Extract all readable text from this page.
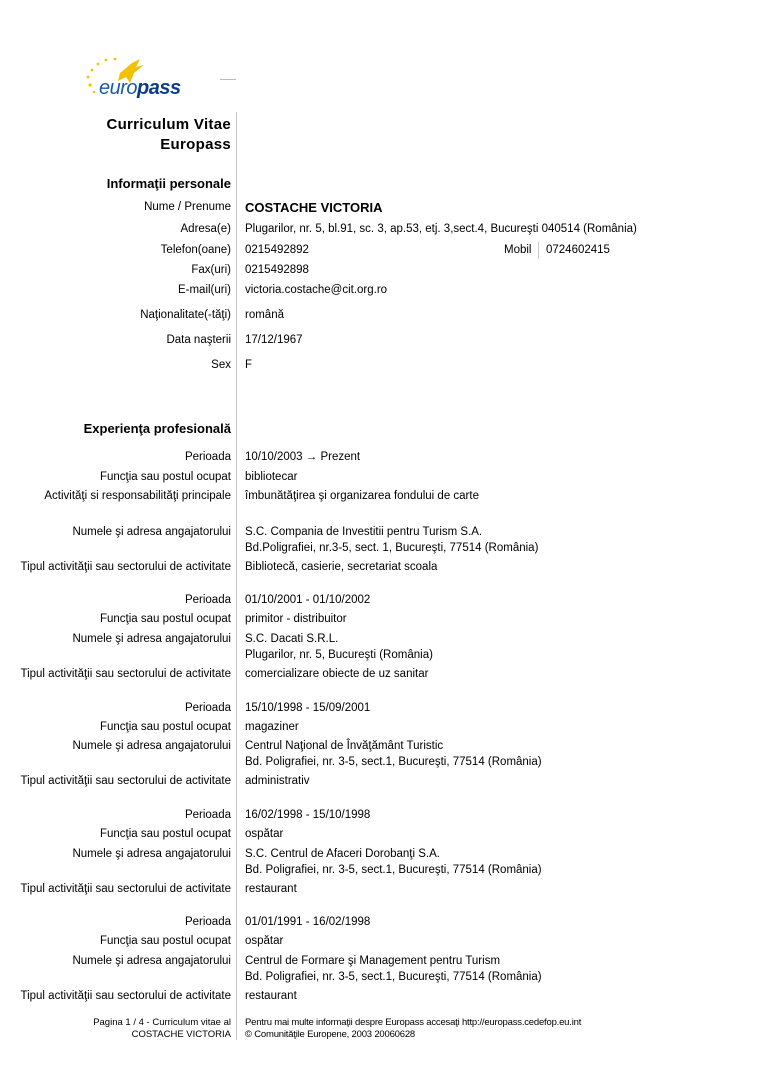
europass
Curriculum Vitae
Europass
Informaţii personale
Nume / Prenume COSTACHE VICTORIA
Adresa(e) Plugarilor, nr. 5, bl.91, sc. 3, ap.53, etj. 3,sect.4, Bucureşti 040514 (România)
Telefon(oane) 0215492892	Mobil 0724602415
Fax(uri) 0215492898
E-mail(uri) victoria.costache@cit.org.ro
Naţionalitate(-tăţi) română
Data naşterii 17/12/1967
Sex F
Experienţa profesională
Perioada 10/10/2003 → Prezent
Funcţia sau postul ocupat bibliotecar
Activităţi si responsabilităţi principale îmbunătăţirea şi organizarea fondului de carte
Numele şi adresa angajatorului S.C. Compania de Investitii pentru Turism S.A.
Bd.Poligrafiei, nr.3-5, sect. 1, Bucureşti, 77514 (România)
Tipul activităţii sau sectorului de activitate Bibliotecă, casierie, secretariat scoala
Perioada 01/10/2001 - 01/10/2002
Funcţia sau postul ocupat primitor - distribuitor
Numele şi adresa angajatorului S.C. Dacati S.R.L.
Plugarilor, nr. 5, Bucureşti (România)
Tipul activităţii sau sectorului de activitate comercializare obiecte de uz sanitar
Perioada 15/10/1998 - 15/09/2001
Funcţia sau postul ocupat magaziner
Numele şi adresa angajatorului Centrul Naţional de Învăţământ Turistic
Bd. Poligrafiei, nr. 3-5, sect.1, Bucureşti, 77514 (România)
Tipul activităţii sau sectorului de activitate administrativ
Perioada 16/02/1998 - 15/10/1998
Funcţia sau postul ocupat ospătar
Numele şi adresa angajatorului S.C. Centrul de Afaceri Dorobanţi S.A.
Bd. Poligrafiei, nr. 3-5, sect.1, Bucureşti, 77514 (România)
Tipul activităţii sau sectorului de activitate restaurant
Perioada 01/01/1991 - 16/02/1998
Funcţia sau postul ocupat ospătar
Numele şi adresa angajatorului Centrul de Formare şi Management pentru Turism
Bd. Poligrafiei, nr. 3-5, sect.1, Bucureşti, 77514 (România)
Tipul activităţii sau sectorului de activitate restaurant
Pagina 1 / 4 - Curriculum vitae al
COSTACHE VICTORIA
Pentru mai multe informaţii despre Europass accesaţi http://europass.cedefop.eu.int
© Comunităţile Europene, 2003 20060628
